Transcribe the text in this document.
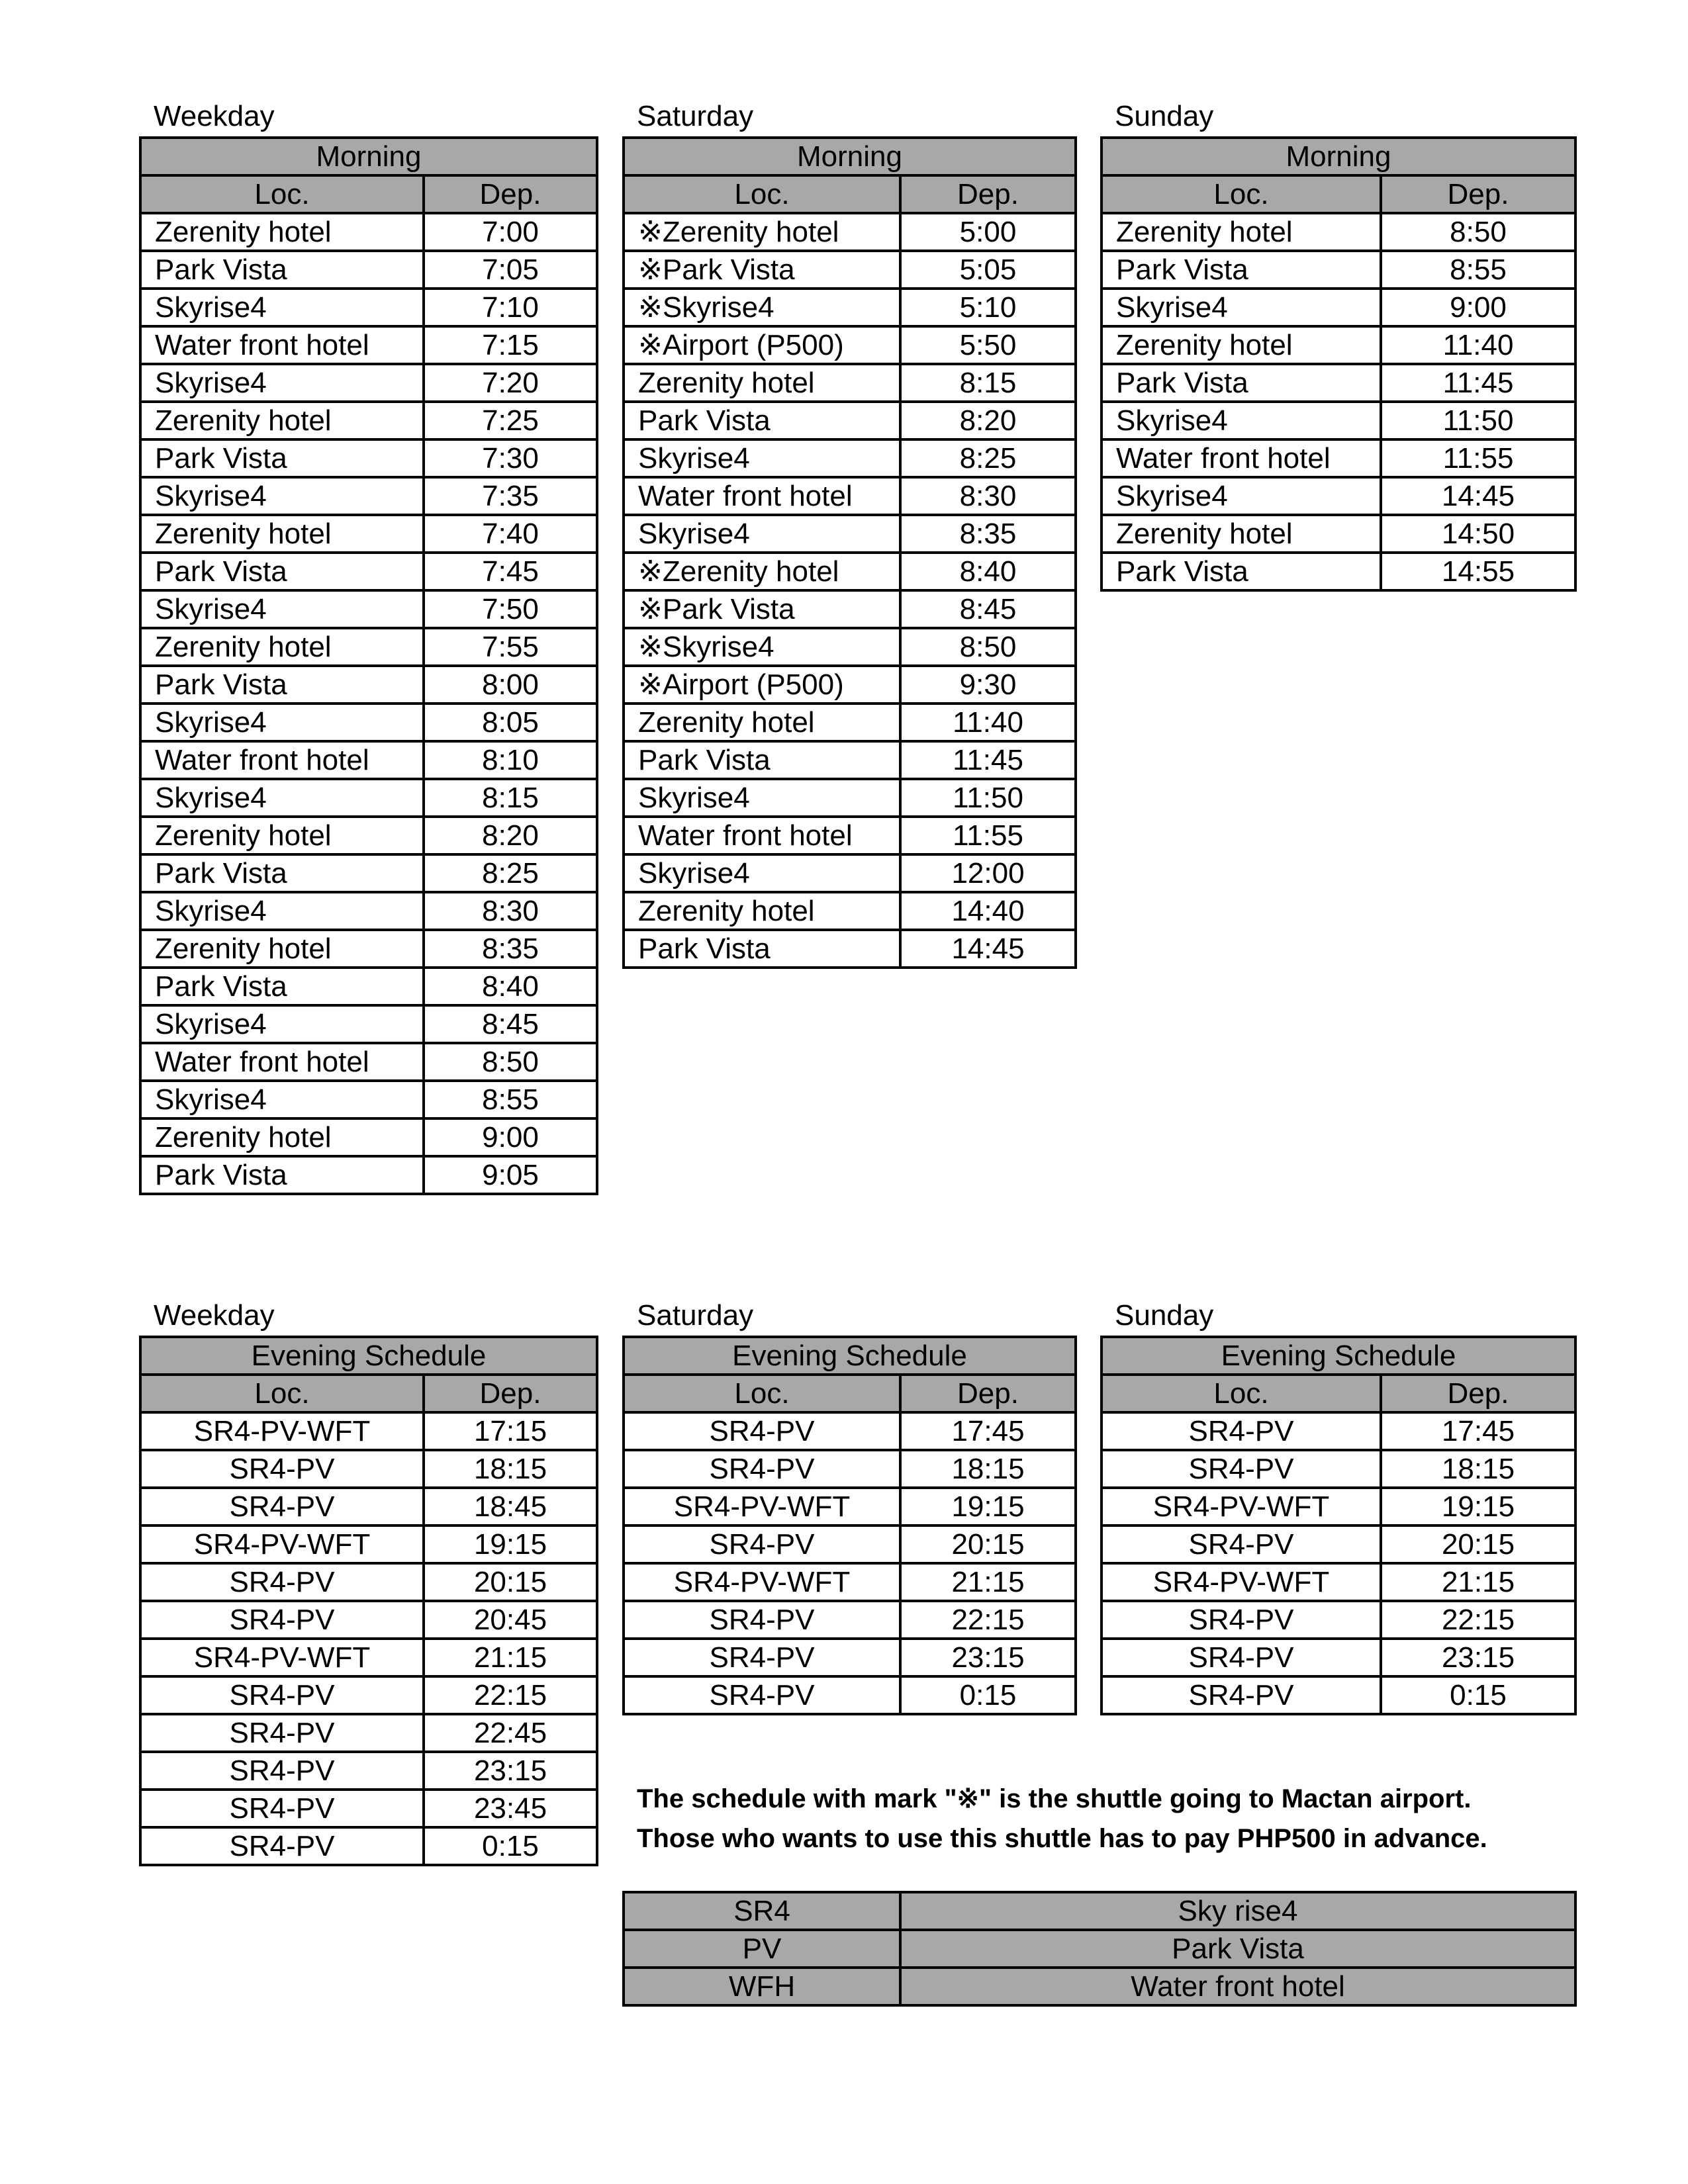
Weekday
Morning	
Loc.	Dep.
Zerenity hotel	7:00
Park Vista	7:05
Skyrise4	7:10
Water front hotel	7:15
Skyrise4	7:20
Zerenity hotel	7:25
Park Vista	7:30
Skyrise4	7:35
Zerenity hotel	7:40
Park Vista	7:45
Skyrise4	7:50
Zerenity hotel	7:55
Park Vista	8:00
Skyrise4	8:05
Water front hotel	8:10
Skyrise4	8:15
Zerenity hotel	8:20
Park Vista	8:25
Skyrise4	8:30
Zerenity hotel	8:35
Park Vista	8:40
Skyrise4	8:45
Water front hotel	8:50
Skyrise4	8:55
Zerenity hotel	9:00
Park Vista	9:05
Saturday
Morning	
Loc.	Dep.
※Zerenity hotel	5:00
※Park Vista	5:05
※Skyrise4	5:10
※Airport (P500)	5:50
Zerenity hotel	8:15
Park Vista	8:20
Skyrise4	8:25
Water front hotel	8:30
Skyrise4	8:35
※Zerenity hotel	8:40
※Park Vista	8:45
※Skyrise4	8:50
※Airport (P500)	9:30
Zerenity hotel	11:40
Park Vista	11:45
Skyrise4	11:50
Water front hotel	11:55
Skyrise4	12:00
Zerenity hotel	14:40
Park Vista	14:45
Sunday
Morning	
Loc.	Dep.
Zerenity hotel	8:50
Park Vista	8:55
Skyrise4	9:00
Zerenity hotel	11:40
Park Vista	11:45
Skyrise4	11:50
Water front hotel	11:55
Skyrise4	14:45
Zerenity hotel	14:50
Park Vista	14:55
Weekday
Evening Schedule	
Loc.	Dep.
SR4-PV-WFT	17:15
SR4-PV	18:15
SR4-PV	18:45
SR4-PV-WFT	19:15
SR4-PV	20:15
SR4-PV	20:45
SR4-PV-WFT	21:15
SR4-PV	22:15
SR4-PV	22:45
SR4-PV	23:15
SR4-PV	23:45
SR4-PV	0:15
Saturday
Evening Schedule	
Loc.	Dep.
SR4-PV	17:45
SR4-PV	18:15
SR4-PV-WFT	19:15
SR4-PV	20:15
SR4-PV-WFT	21:15
SR4-PV	22:15
SR4-PV	23:15
SR4-PV	0:15
Sunday
Evening Schedule	
Loc.	Dep.
SR4-PV	17:45
SR4-PV	18:15
SR4-PV-WFT	19:15
SR4-PV	20:15
SR4-PV-WFT	21:15
SR4-PV	22:15
SR4-PV	23:15
SR4-PV	0:15
The schedule with mark "※" is the shuttle going to Mactan airport.
Those who wants to use this shuttle has to pay PHP500 in advance.
SR4	Sky rise4
PV	Park Vista
WFH	Water front hotel
